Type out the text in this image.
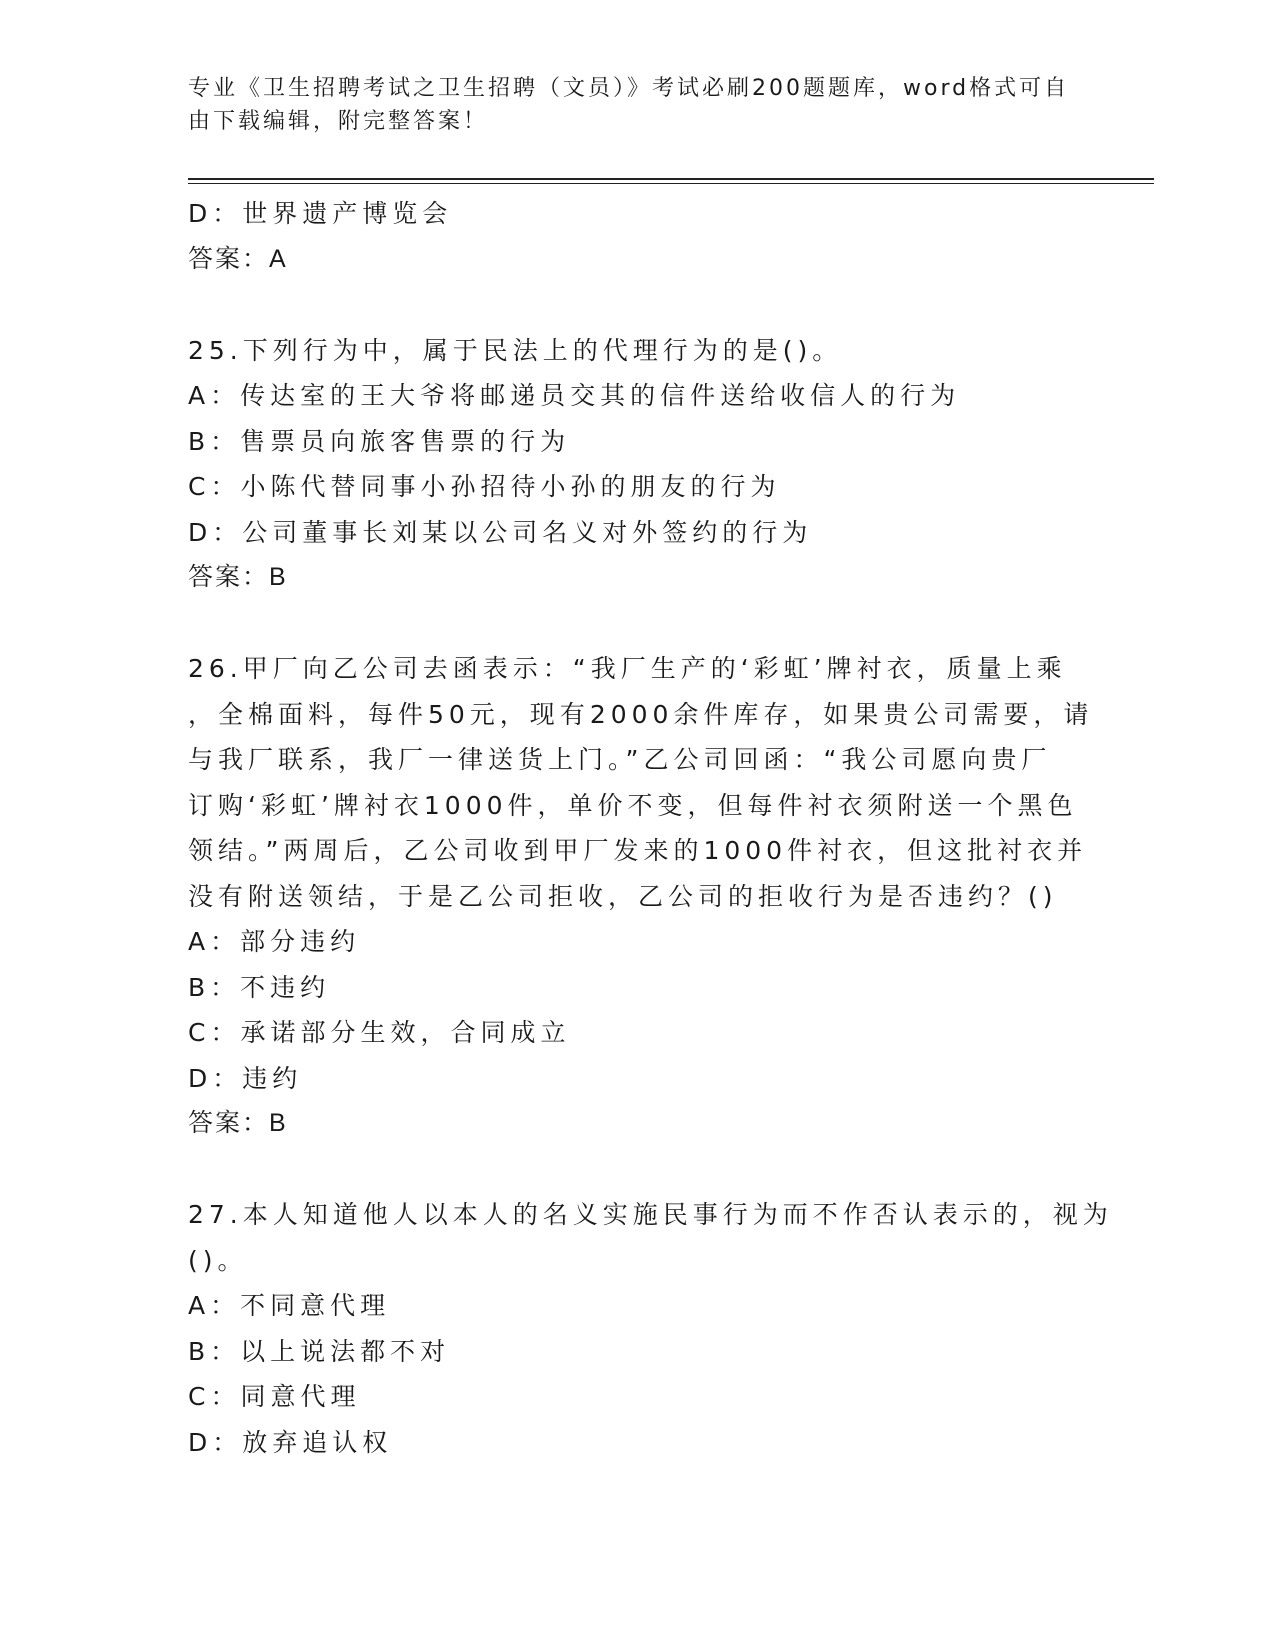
专业《卫生招聘考试之卫生招聘（文员）》考试必刷200题题库，word格式可自由下载编辑，附完整答案！
D：世界遗产博览会
答案：A
25.下列行为中，属于民法上的代理行为的是()。
A：传达室的王大爷将邮递员交其的信件送给收信人的行为
B：售票员向旅客售票的行为
C：小陈代替同事小孙招待小孙的朋友的行为
D：公司董事长刘某以公司名义对外签约的行为
答案：B
26.甲厂向乙公司去函表示：“我厂生产的‘彩虹’牌衬衣，质量上乘
，全棉面料，每件50元，现有2000余件库存，如果贵公司需要，请
与我厂联系，我厂一律送货上门。”乙公司回函：“我公司愿向贵厂
订购‘彩虹’牌衬衣1000件，单价不变，但每件衬衣须附送一个黑色
领结。”两周后，乙公司收到甲厂发来的1000件衬衣，但这批衬衣并
没有附送领结，于是乙公司拒收，乙公司的拒收行为是否违约？()
A：部分违约
B：不违约
C：承诺部分生效，合同成立
D：违约
答案：B
27.本人知道他人以本人的名义实施民事行为而不作否认表示的，视为
()。
A：不同意代理
B：以上说法都不对
C：同意代理
D：放弃追认权
